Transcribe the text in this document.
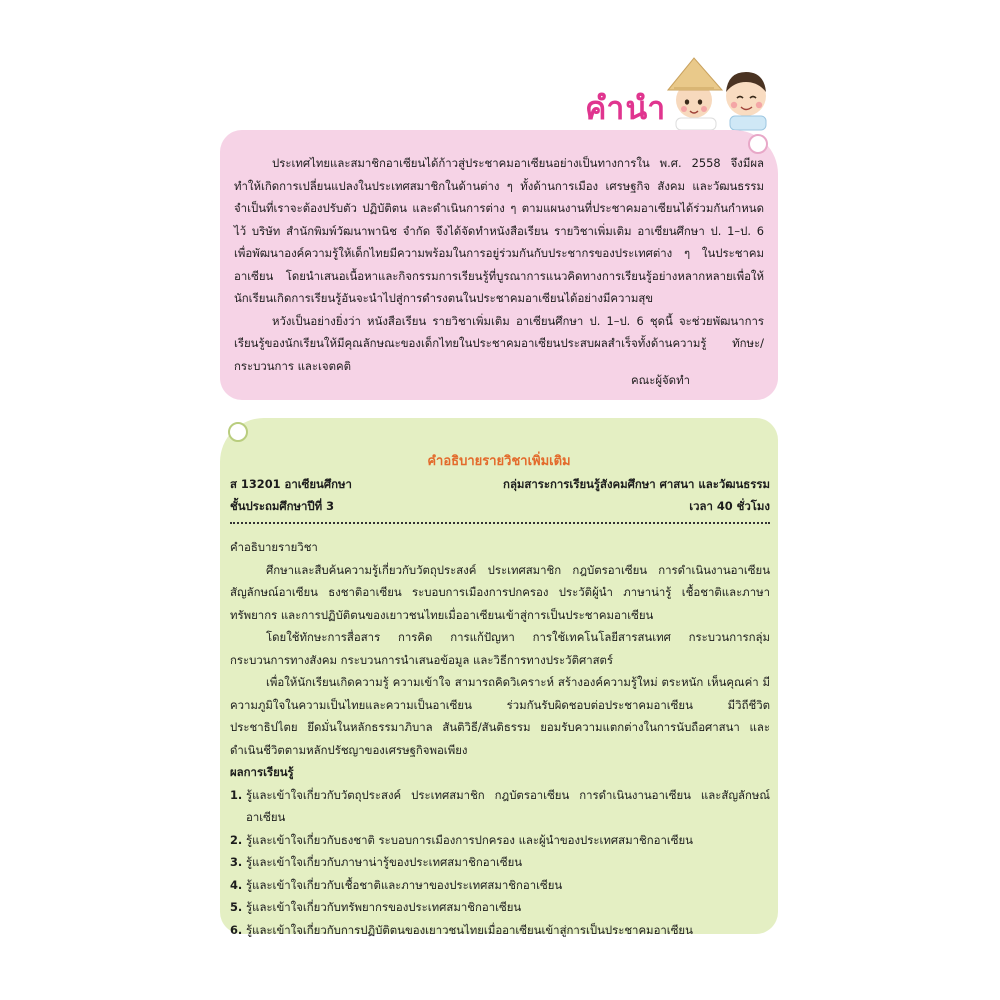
คำนำ

ประเทศไทยและสมาชิกอาเซียนได้ก้าวสู่ประชาคมอาเซียนอย่างเป็นทางการใน พ.ศ. 2558 จึงมีผลทำให้เกิดการเปลี่ยนแปลงในประเทศสมาชิกในด้านต่าง ๆ ทั้งด้านการเมือง เศรษฐกิจ สังคม และวัฒนธรรม จำเป็นที่เราจะต้องปรับตัว ปฏิบัติตน และดำเนินการต่าง ๆ ตามแผนงานที่ประชาคมอาเซียนได้ร่วมกันกำหนดไว้ บริษัท สำนักพิมพ์วัฒนาพานิช จำกัด จึงได้จัดทำหนังสือเรียน รายวิชาเพิ่มเติม อาเซียนศึกษา ป. 1–ป. 6 เพื่อพัฒนาองค์ความรู้ให้เด็กไทยมีความพร้อมในการอยู่ร่วมกันกับประชากรของประเทศต่าง ๆ ในประชาคมอาเซียน โดยนำเสนอเนื้อหาและกิจกรรมการเรียนรู้ที่บูรณาการแนวคิดทางการเรียนรู้อย่างหลากหลายเพื่อให้นักเรียนเกิดการเรียนรู้อันจะนำไปสู่การดำรงตนในประชาคมอาเซียนได้อย่างมีความสุข

หวังเป็นอย่างยิ่งว่า หนังสือเรียน รายวิชาเพิ่มเติม อาเซียนศึกษา ป. 1–ป. 6 ชุดนี้ จะช่วยพัฒนาการเรียนรู้ของนักเรียนให้มีคุณลักษณะของเด็กไทยในประชาคมอาเซียนประสบผลสำเร็จทั้งด้านความรู้ ทักษะ/กระบวนการ และเจตคติ

คณะผู้จัดทำ
คำอธิบายรายวิชาเพิ่มเติม
ส 13201 อาเซียนศึกษา	กลุ่มสาระการเรียนรู้สังคมศึกษา ศาสนา และวัฒนธรรม
ชั้นประถมศึกษาปีที่ 3	เวลา 40 ชั่วโมง
คำอธิบายรายวิชา

ศึกษาและสืบค้นความรู้เกี่ยวกับวัตถุประสงค์ ประเทศสมาชิก กฎบัตรอาเซียน การดำเนินงานอาเซียน สัญลักษณ์อาเซียน ธงชาติอาเซียน ระบอบการเมืองการปกครอง ประวัติผู้นำ ภาษาน่ารู้ เชื้อชาติและภาษา ทรัพยากร และการปฏิบัติตนของเยาวชนไทยเมื่ออาเซียนเข้าสู่การเป็นประชาคมอาเซียน

โดยใช้ทักษะการสื่อสาร การคิด การแก้ปัญหา การใช้เทคโนโลยีสารสนเทศ กระบวนการกลุ่ม กระบวนการทางสังคม กระบวนการนำเสนอข้อมูล และวิธีการทางประวัติศาสตร์

เพื่อให้นักเรียนเกิดความรู้ ความเข้าใจ สามารถคิดวิเคราะห์ สร้างองค์ความรู้ใหม่ ตระหนัก เห็นคุณค่า มีความภูมิใจในความเป็นไทยและความเป็นอาเซียน ร่วมกันรับผิดชอบต่อประชาคมอาเซียน มีวิถีชีวิตประชาธิปไตย ยึดมั่นในหลักธรรมาภิบาล สันติวิธี/สันติธรรม ยอมรับความแตกต่างในการนับถือศาสนา และดำเนินชีวิตตามหลักปรัชญาของเศรษฐกิจพอเพียง

ผลการเรียนรู้
1. รู้และเข้าใจเกี่ยวกับวัตถุประสงค์ ประเทศสมาชิก กฎบัตรอาเซียน การดำเนินงานอาเซียน และสัญลักษณ์อาเซียน
2. รู้และเข้าใจเกี่ยวกับธงชาติ ระบอบการเมืองการปกครอง และผู้นำของประเทศสมาชิกอาเซียน
3. รู้และเข้าใจเกี่ยวกับภาษาน่ารู้ของประเทศสมาชิกอาเซียน
4. รู้และเข้าใจเกี่ยวกับเชื้อชาติและภาษาของประเทศสมาชิกอาเซียน
5. รู้และเข้าใจเกี่ยวกับทรัพยากรของประเทศสมาชิกอาเซียน
6. รู้และเข้าใจเกี่ยวกับการปฏิบัติตนของเยาวชนไทยเมื่ออาเซียนเข้าสู่การเป็นประชาคมอาเซียน
